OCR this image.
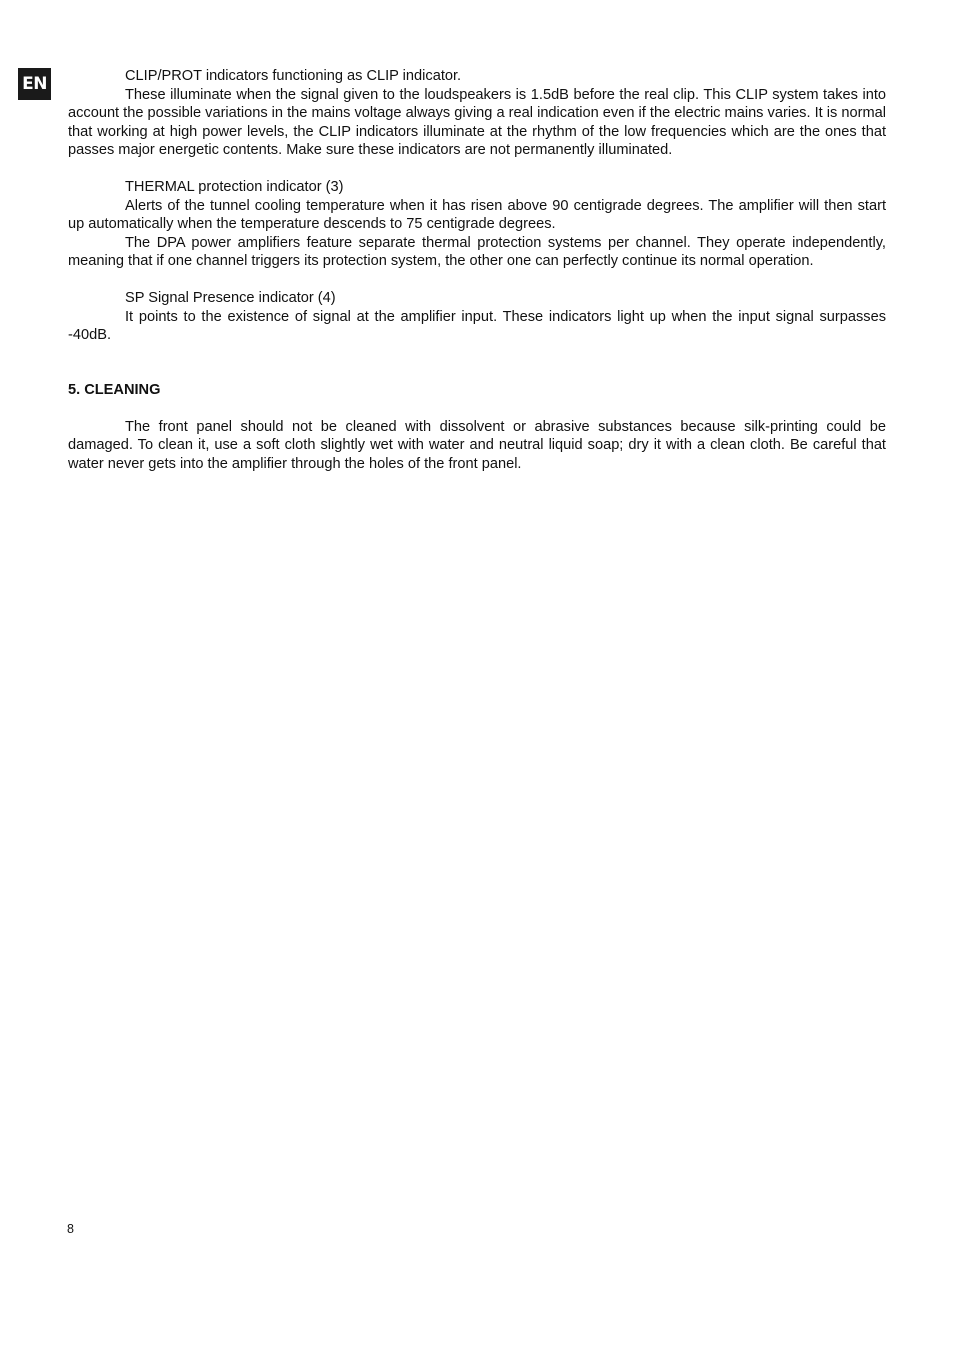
EN	CLIP/PROT indicators functioning as CLIP indicator.

These illuminate when the signal given to the loudspeakers is 1.5dB before the real clip. This CLIP system takes into account the possible variations in the mains voltage always giving a real indication even if the electric mains varies. It is normal that working at high power levels, the CLIP indicators illuminate at the rhythm of the low frequencies which are the ones that passes major energetic contents. Make sure these indicators are not permanently illuminated.

THERMAL protection indicator (3)

Alerts of the tunnel cooling temperature when it has risen above 90 centigrade degrees. The amplifier will then start up automatically when the temperature descends to 75 centigrade degrees.

The DPA power amplifiers feature separate thermal protection systems per channel. They operate independently, meaning that if one channel triggers its protection system, the other one can perfectly continue its normal operation.

SP Signal Presence indicator (4)

It points to the existence of signal at the amplifier input. These indicators light up when the input signal surpasses -40dB.

5. CLEANING

The front panel should not be cleaned with dissolvent or abrasive substances because silk-printing could be damaged. To clean it, use a soft cloth slightly wet with water and neutral liquid soap; dry it with a clean cloth. Be careful that water never gets into the amplifier through the holes of the front panel.

8
